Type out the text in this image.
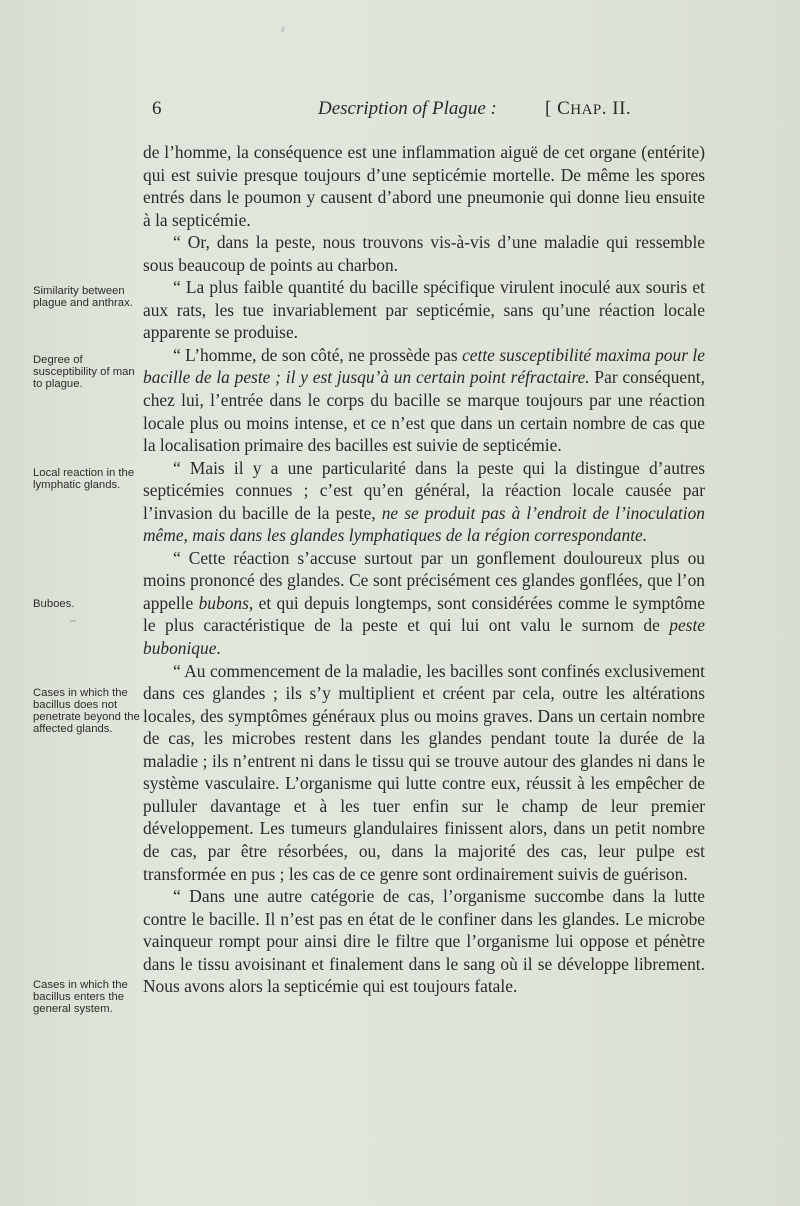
6	Description of Plague :	[ CHAP. II.
Similarity between plague and anthrax.
Degree of susceptibility of man to plague.
Local reaction in the lymphatic glands.
Buboes.
Cases in which the bacillus does not penetrate beyond the affected glands.
Cases in which the bacillus enters the general system.

de l’homme, la conséquence est une inflammation aiguë de cet organe (entérite) qui est suivie presque toujours d’une septicémie mortelle. De même les spores entrés dans le poumon y causent d’abord une pneumonie qui donne lieu ensuite à la septicémie.

“ Or, dans la peste, nous trouvons vis-à-vis d’une maladie qui ressemble sous beaucoup de points au charbon.

“ La plus faible quantité du bacille spécifique virulent inoculé aux souris et aux rats, les tue invariablement par septicémie, sans qu’une réaction locale apparente se produise.

“ L’homme, de son côté, ne prossède pas cette susceptibilité maxima pour le bacille de la peste ; il y est jusqu’à un certain point réfractaire. Par conséquent, chez lui, l’entrée dans le corps du bacille se marque toujours par une réaction locale plus ou moins intense, et ce n’est que dans un certain nombre de cas que la localisation primaire des bacilles est suivie de septicémie.

“ Mais il y a une particularité dans la peste qui la distingue d’autres septicémies connues ; c’est qu’en général, la réaction locale causée par l’invasion du bacille de la peste, ne se produit pas à l’endroit de l’inoculation même, mais dans les glandes lymphatiques de la région correspondante.

“ Cette réaction s’accuse surtout par un gonflement douloureux plus ou moins prononcé des glandes. Ce sont précisément ces glandes gonflées, que l’on appelle bubons, et qui depuis longtemps, sont considérées comme le symptôme le plus caractéristique de la peste et qui lui ont valu le surnom de peste bubonique.

“ Au commencement de la maladie, les bacilles sont confinés exclusivement dans ces glandes ; ils s’y multiplient et créent par cela, outre les altérations locales, des symptômes généraux plus ou moins graves. Dans un certain nombre de cas, les microbes restent dans les glandes pendant toute la durée de la maladie ; ils n’entrent ni dans le tissu qui se trouve autour des glandes ni dans le système vasculaire. L’organisme qui lutte contre eux, réussit à les empêcher de pulluler davantage et à les tuer enfin sur le champ de leur premier développement. Les tumeurs glandulaires finissent alors, dans un petit nombre de cas, par être résorbées, ou, dans la majorité des cas, leur pulpe est transformée en pus ; les cas de ce genre sont ordinairement suivis de guérison.

“ Dans une autre catégorie de cas, l’organisme succombe dans la lutte contre le bacille. Il n’est pas en état de le confiner dans les glandes. Le microbe vainqueur rompt pour ainsi dire le filtre que l’organisme lui oppose et pénètre dans le tissu avoisinant et finalement dans le sang où il se développe librement. Nous avons alors la septicémie qui est toujours fatale.
